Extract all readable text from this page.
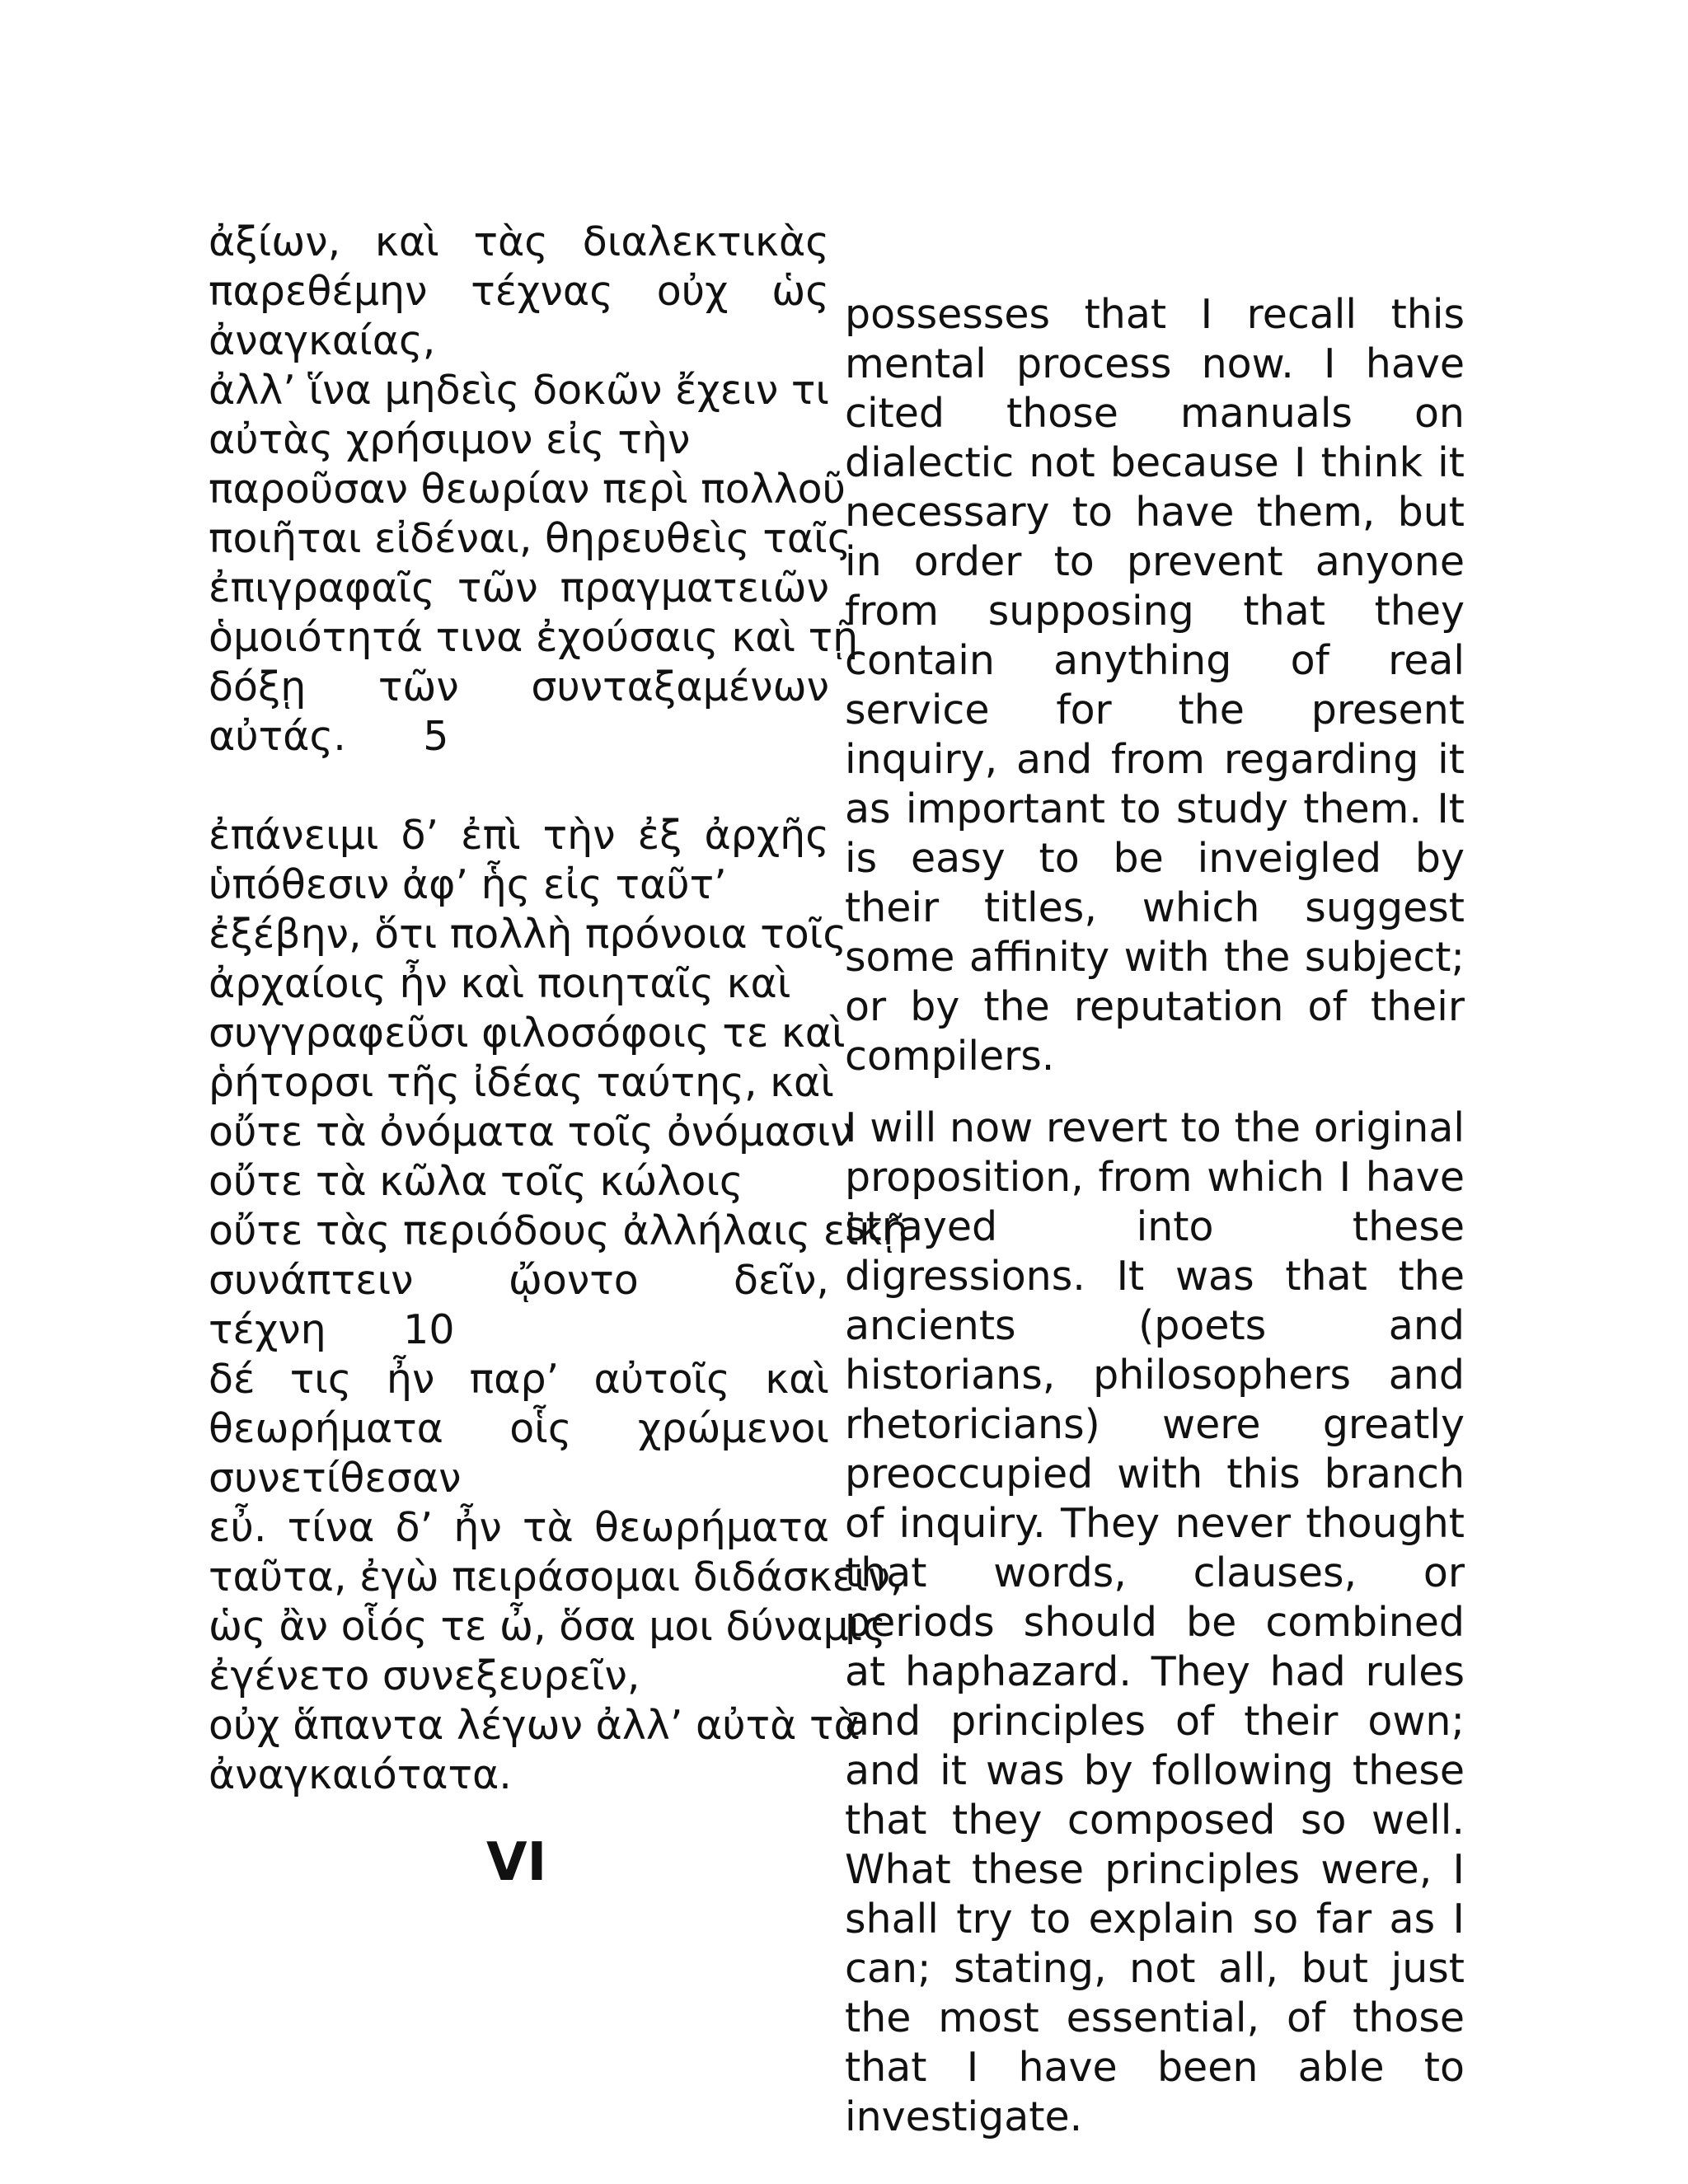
ἀξίων, καὶ τὰς διαλεκτικὰς
παρεθέμην τέχνας οὐχ ὡς
ἀναγκαίας,
ἀλλ’ ἵνα μηδεὶς δοκῶν ἔχειν τι
αὐτὰς χρήσιμον εἰς τὴν
παροῦσαν θεωρίαν περὶ πολλοῦ
ποιῆται εἰδέναι, θηρευθεὶς ταῖς
ἐπιγραφαῖς τῶν πραγματειῶν
ὁμοιότητά τινα ἐχούσαις καὶ τῇ
δόξῃ τῶν συνταξαμένων
αὐτάς.      5
ἐπάνειμι δ’ ἐπὶ τὴν ἐξ ἀρχῆς
ὑπόθεσιν ἀφ’ ἧς εἰς ταῦτ’
ἐξέβην, ὅτι πολλὴ πρόνοια τοῖς
ἀρχαίοις ἦν καὶ ποιηταῖς καὶ
συγγραφεῦσι φιλοσόφοις τε καὶ
ῥήτορσι τῆς ἰδέας ταύτης, καὶ
οὔτε τὰ ὀνόματα τοῖς ὀνόμασιν
οὔτε τὰ κῶλα τοῖς κώλοις
οὔτε τὰς περιόδους ἀλλήλαις εἰκῇ
συνάπτειν ᾤοντο δεῖν,
τέχνη      10
δέ τις ἦν παρ’ αὐτοῖς καὶ
θεωρήματα οἷς χρώμενοι
συνετίθεσαν
εὖ. τίνα δ’ ἦν τὰ θεωρήματα
ταῦτα, ἐγὼ πειράσομαι διδάσκειν,
ὡς ἂν οἷός τε ὦ, ὅσα μοι δύναμις
ἐγένετο συνεξευρεῖν,
οὐχ ἅπαντα λέγων ἀλλ’ αὐτὰ τὰ
ἀναγκαιότατα.
VI

possesses that I recall this mental process now. I have cited those manuals on dialectic not because I think it necessary to have them, but in order to prevent anyone from supposing that they contain anything of real service for the present inquiry, and from regarding it as important to study them. It is easy to be inveigled by their titles, which suggest some affinity with the subject; or by the reputation of their compilers.

I will now revert to the original proposition, from which I have strayed into these digressions. It was that the ancients (poets and historians, philosophers and rhetoricians) were greatly preoccupied with this branch of inquiry. They never thought that words, clauses, or periods should be combined at haphazard. They had rules and principles of their own; and it was by following these that they composed so well. What these principles were, I shall try to explain so far as I can; stating, not all, but just the most essential, of those that I have been able to investigate.
